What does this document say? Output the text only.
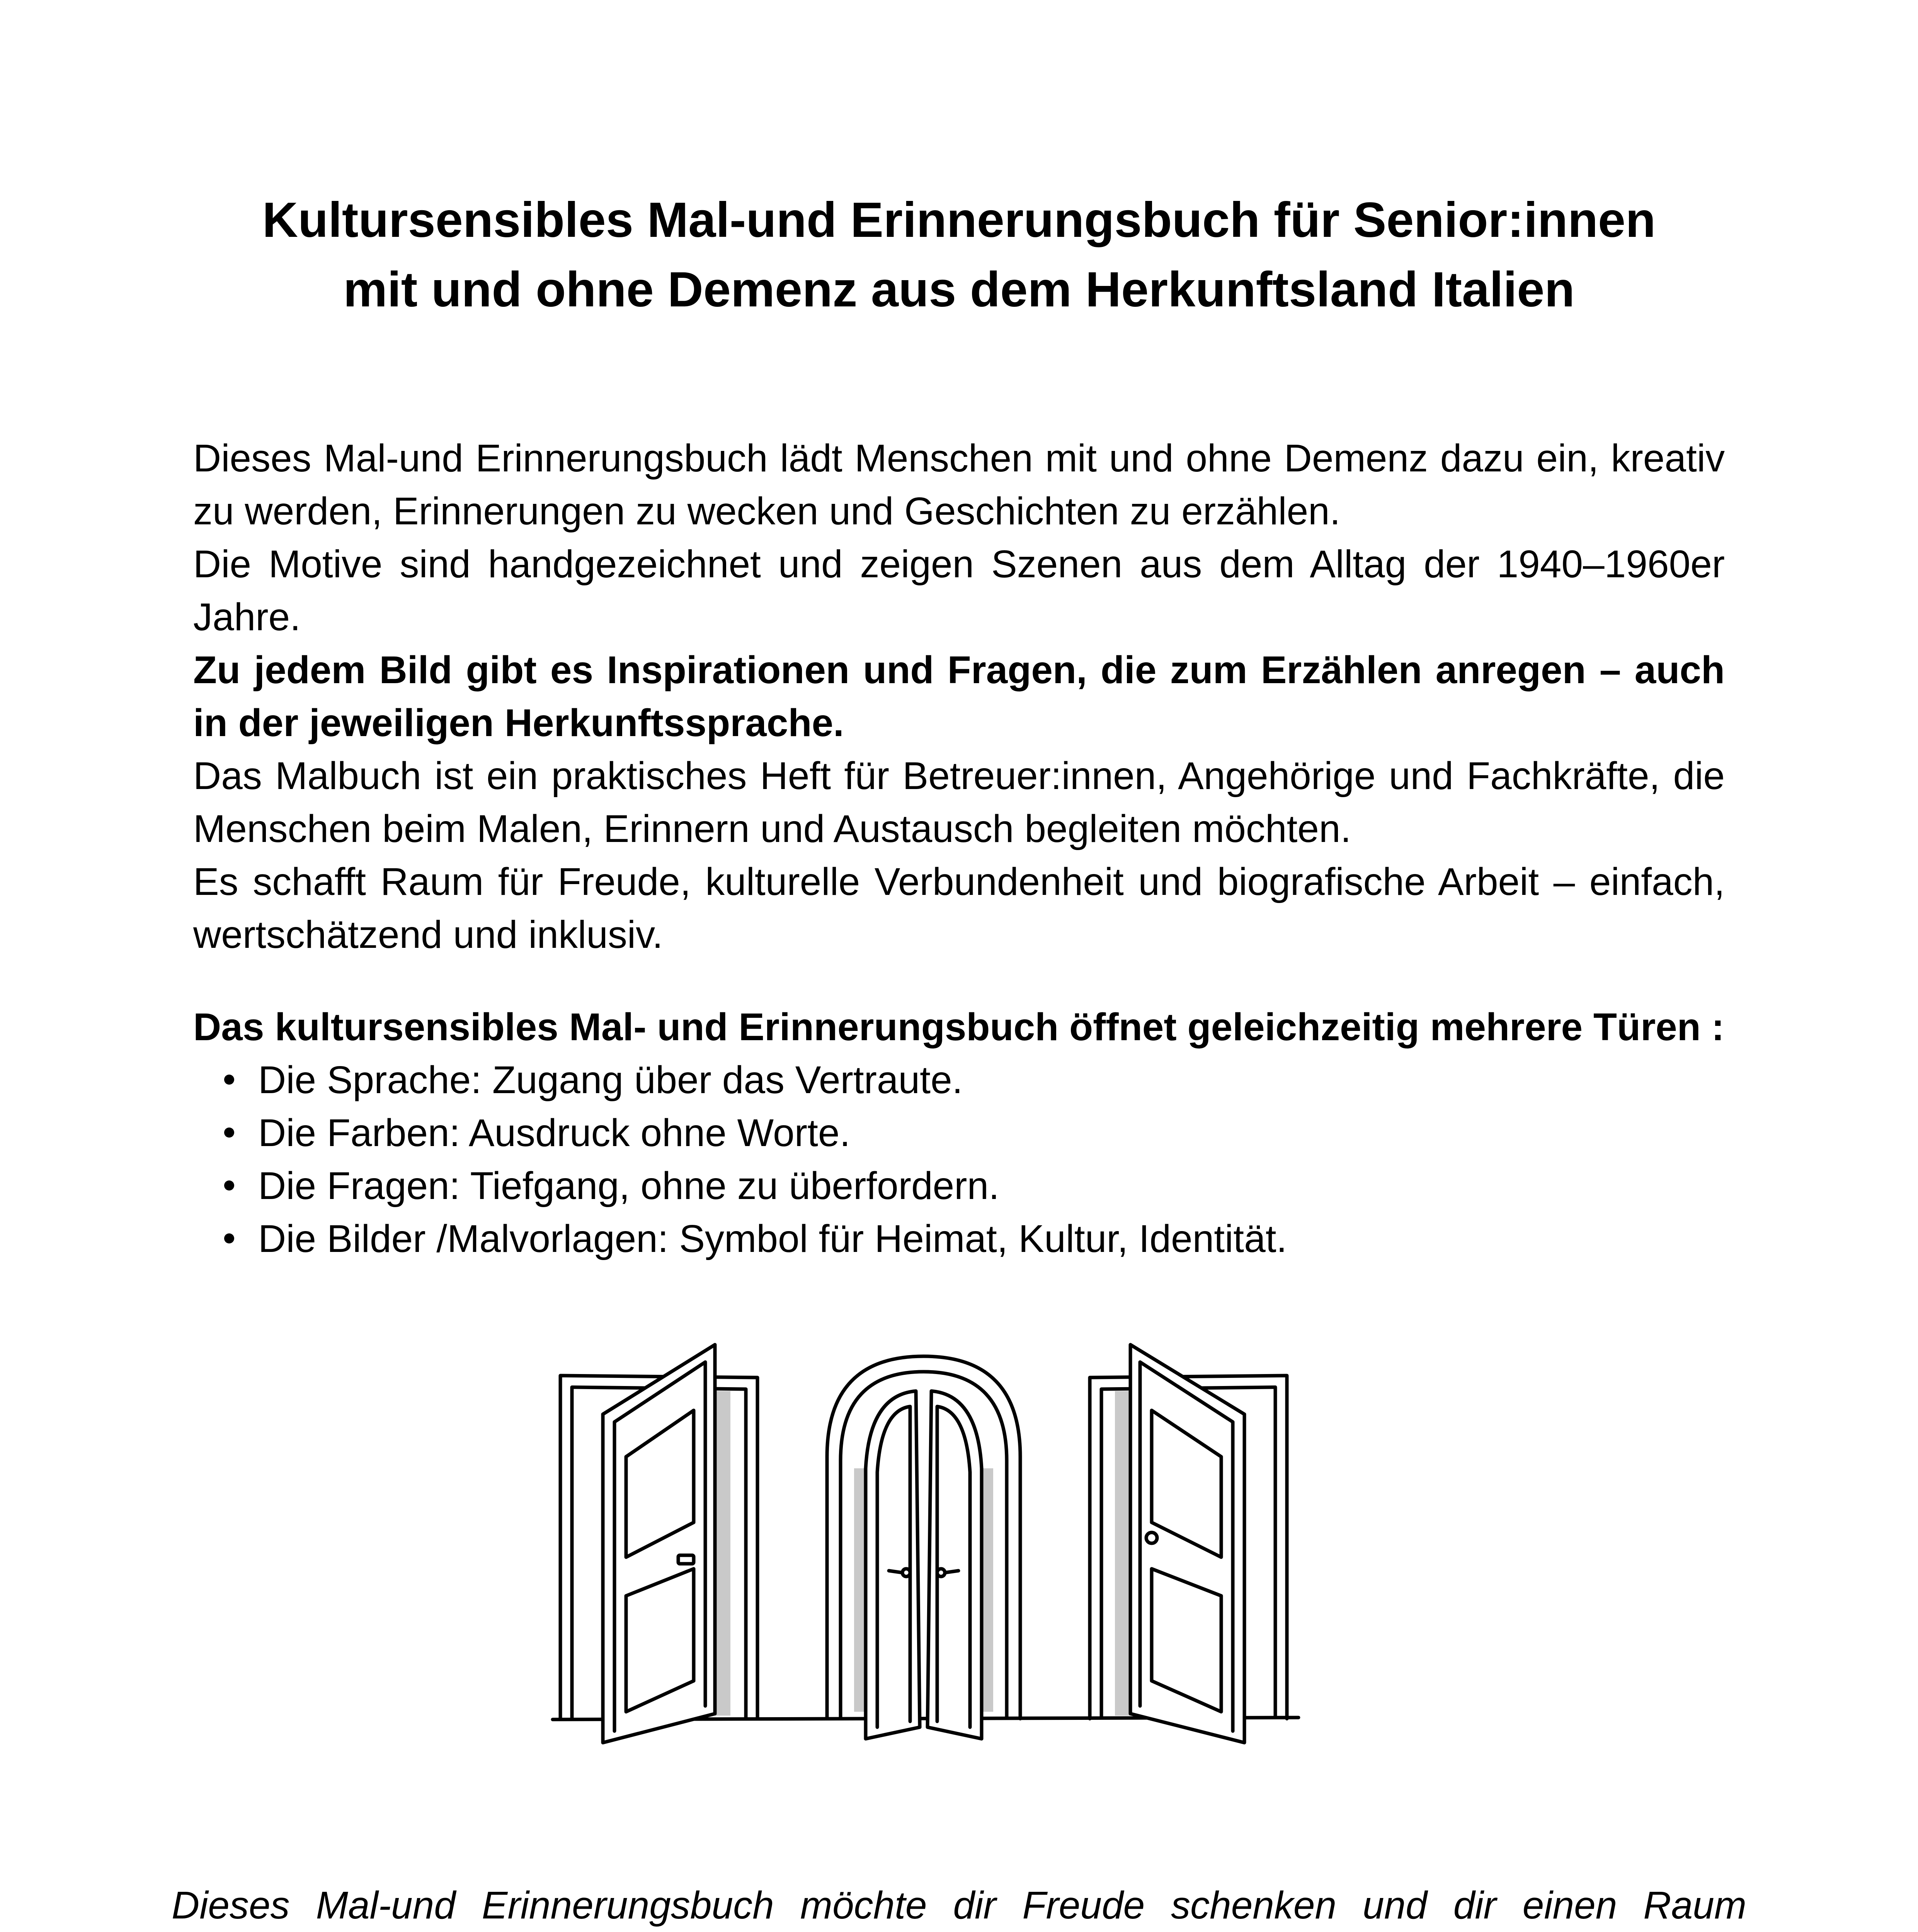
Kultursensibles Mal-und Erinnerungsbuch für Senior:innen
mit und ohne Demenz aus dem Herkunftsland Italien

Dieses Mal-und Erinnerungsbuch lädt Menschen mit und ohne Demenz dazu ein, kreativ zu werden, Erinnerungen zu wecken und Geschichten zu erzählen.

Die Motive sind handgezeichnet und zeigen Szenen aus dem Alltag der 1940–1960er Jahre.

Zu jedem Bild gibt es Inspirationen und Fragen, die zum Erzählen anregen – auch in der jeweiligen Herkunftssprache.

Das Malbuch ist ein praktisches Heft für Betreuer:innen, Angehörige und Fachkräfte, die Menschen beim Malen, Erinnern und Austausch begleiten möchten.

Es schafft Raum für Freude, kulturelle Verbundenheit und biografische Arbeit – einfach, wertschätzend und inklusiv.

Das kultursensibles Mal- und Erinnerungsbuch öffnet geleichzeitig mehrere Türen :
Die Sprache: Zugang über das Vertraute.
Die Farben: Ausdruck ohne Worte.
Die Fragen: Tiefgang, ohne zu überfordern.
Die Bilder /Malvorlagen: Symbol für Heimat, Kultur, Identität.

Dieses Mal-und Erinnerungsbuch möchte dir Freude schenken und dir einen Raum
